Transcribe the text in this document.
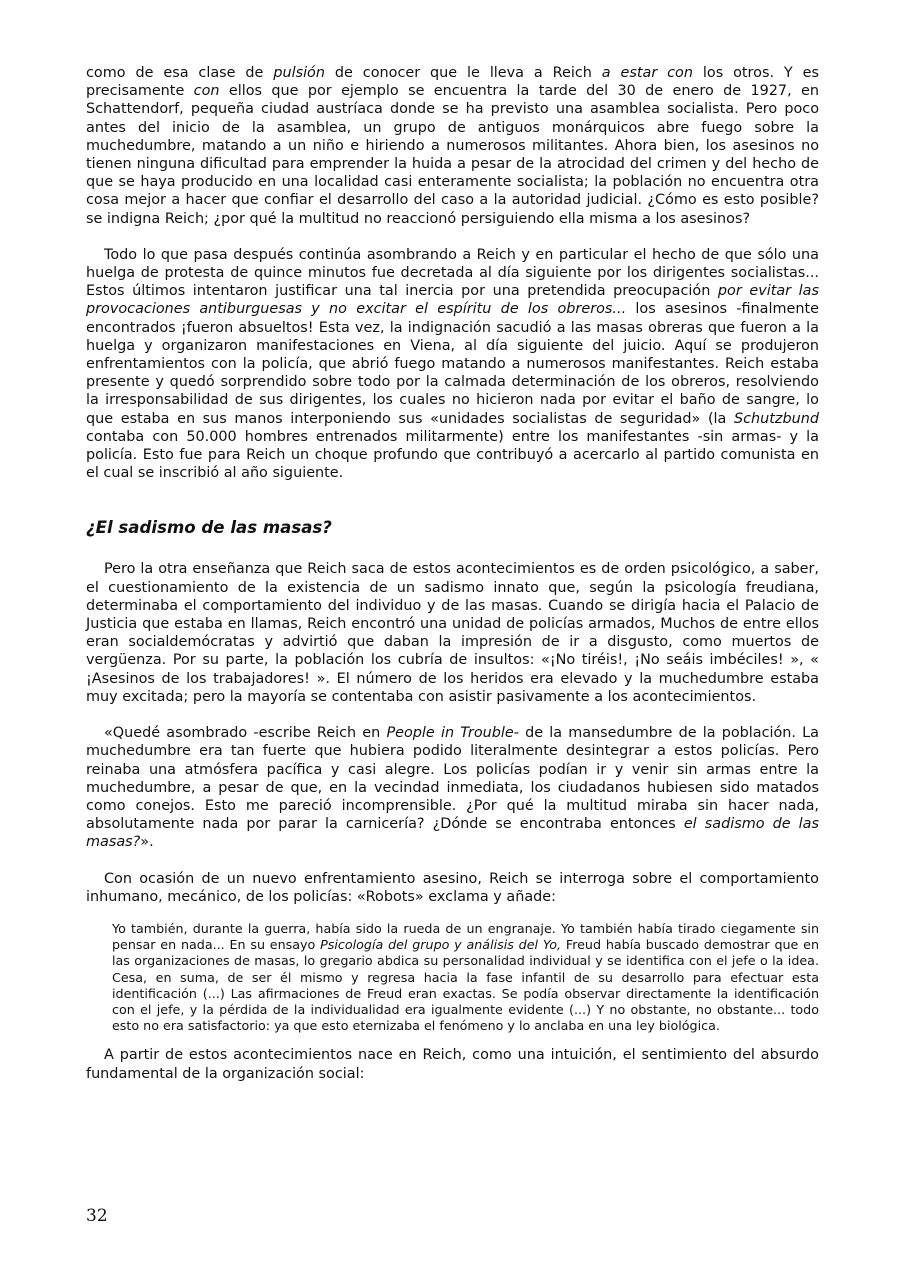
como de esa clase de pulsión de conocer que le lleva a Reich a estar con los otros. Y es precisamente con ellos que por ejemplo se encuentra la tarde del 30 de enero de 1927, en Schattendorf, pequeña ciudad austríaca donde se ha previsto una asamblea socialista. Pero poco antes del inicio de la asamblea, un grupo de antiguos monárquicos abre fuego sobre la muchedumbre, matando a un niño e hiriendo a numerosos militantes. Ahora bien, los asesinos no tienen ninguna dificultad para emprender la huida a pesar de la atrocidad del crimen y del hecho de que se haya producido en una localidad casi enteramente socialista; la población no encuentra otra cosa mejor a hacer que confiar el desarrollo del caso a la autoridad judicial. ¿Cómo es esto posible? se indigna Reich; ¿por qué la multitud no reaccionó persiguiendo ella misma a los asesinos?

Todo lo que pasa después continúa asombrando a Reich y en particular el hecho de que sólo una huelga de protesta de quince minutos fue decretada al día siguiente por los dirigentes socialistas... Estos últimos intentaron justificar una tal inercia por una pretendida preocupación por evitar las provocaciones antiburguesas y no excitar el espíritu de los obreros... los asesinos -finalmente encontrados ¡fueron absueltos! Esta vez, la indignación sacudió a las masas obreras que fueron a la huelga y organizaron manifestaciones en Viena, al día siguiente del juicio. Aquí se produjeron enfrentamientos con la policía, que abrió fuego matando a numerosos manifestantes. Reich estaba presente y quedó sorprendido sobre todo por la calmada determinación de los obreros, resolviendo la irresponsabilidad de sus dirigentes, los cuales no hicieron nada por evitar el baño de sangre, lo que estaba en sus manos interponiendo sus «unidades socialistas de seguridad» (la Schutzbund contaba con 50.000 hombres entrenados militarmente) entre los manifestantes -sin armas- y la policía. Esto fue para Reich un choque profundo que contribuyó a acercarlo al partido comunista en el cual se inscribió al año siguiente.

¿El sadismo de las masas?

Pero la otra enseñanza que Reich saca de estos acontecimientos es de orden psicológico, a saber, el cuestionamiento de la existencia de un sadismo innato que, según la psicología freudiana, determinaba el comportamiento del individuo y de las masas. Cuando se dirigía hacia el Palacio de Justicia que estaba en llamas, Reich encontró una unidad de policías armados, Muchos de entre ellos eran socialdemócratas y advirtió que daban la impresión de ir a disgusto, como muertos de vergüenza. Por su parte, la población los cubría de insultos: «¡No tiréis!, ¡No seáis imbéciles! », « ¡Asesinos de los trabajadores! ». El número de los heridos era elevado y la muchedumbre estaba muy excitada; pero la mayoría se contentaba con asistir pasivamente a los acontecimientos.

«Quedé asombrado -escribe Reich en People in Trouble- de la mansedumbre de la población. La muchedumbre era tan fuerte que hubiera podido literalmente desintegrar a estos policías. Pero reinaba una atmósfera pacífica y casi alegre. Los policías podían ir y venir sin armas entre la muchedumbre, a pesar de que, en la vecindad inmediata, los ciudadanos hubiesen sido matados como conejos. Esto me pareció incomprensible. ¿Por qué la multitud miraba sin hacer nada, absolutamente nada por parar la carnicería? ¿Dónde se encontraba entonces el sadismo de las masas?».

Con ocasión de un nuevo enfrentamiento asesino, Reich se interroga sobre el comportamiento inhumano, mecánico, de los policías: «Robots» exclama y añade:

Yo también, durante la guerra, había sido la rueda de un engranaje. Yo también había tirado ciegamente sin pensar en nada... En su ensayo Psicología del grupo y análisis del Yo, Freud había buscado demostrar que en las organizaciones de masas, lo gregario abdica su personalidad individual y se identifica con el jefe o la idea. Cesa, en suma, de ser él mismo y regresa hacia la fase infantil de su desarrollo para efectuar esta identificación (...) Las afirmaciones de Freud eran exactas. Se podía observar directamente la identificación con el jefe, y la pérdida de la individualidad era igualmente evidente (...) Y no obstante, no obstante... todo esto no era satisfactorio: ya que esto eternizaba el fenómeno y lo anclaba en una ley biológica.

A partir de estos acontecimientos nace en Reich, como una intuición, el sentimiento del absurdo fundamental de la organización social:

32
